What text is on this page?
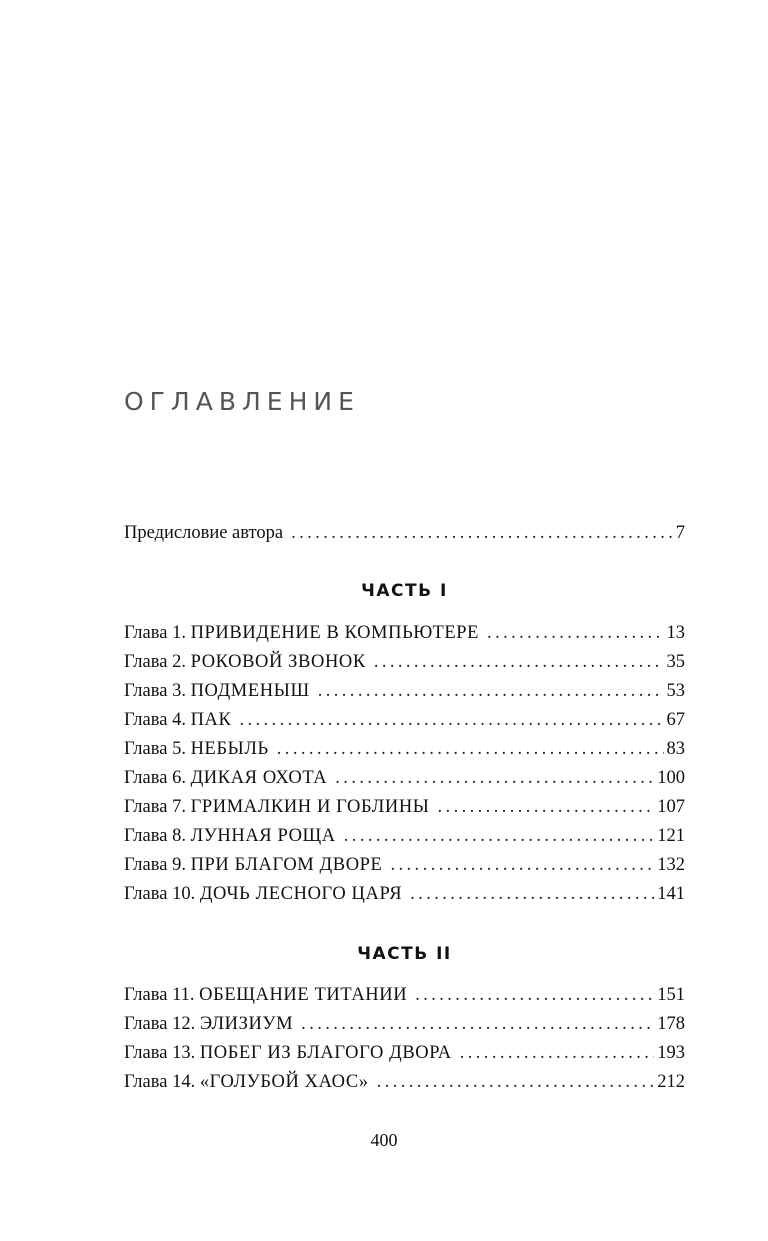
ОГЛАВЛЕНИЕ
Предисловие автора .....	7
ЧАСТЬ I
Глава 1. ПРИВИДЕНИЕ В КОМПЬЮТЕРЕ .....	13
Глава 2. РОКОВОЙ ЗВОНОК .....	35
Глава 3. ПОДМЕНЫШ .....	53
Глава 4. ПАК .....	67
Глава 5. НЕБЫЛЬ .....	83
Глава 6. ДИКАЯ ОХОТА .....	100
Глава 7. ГРИМАЛКИН И ГОБЛИНЫ .....	107
Глава 8. ЛУННАЯ РОЩА .....	121
Глава 9. ПРИ БЛАГОМ ДВОРЕ .....	132
Глава 10. ДОЧЬ ЛЕСНОГО ЦАРЯ .....	141
ЧАСТЬ II
Глава 11. ОБЕЩАНИЕ ТИТАНИИ .....	151
Глава 12. ЭЛИЗИУМ .....	178
Глава 13. ПОБЕГ ИЗ БЛАГОГО ДВОРА .....	193
Глава 14. «ГОЛУБОЙ ХАОС» .....	212
400
